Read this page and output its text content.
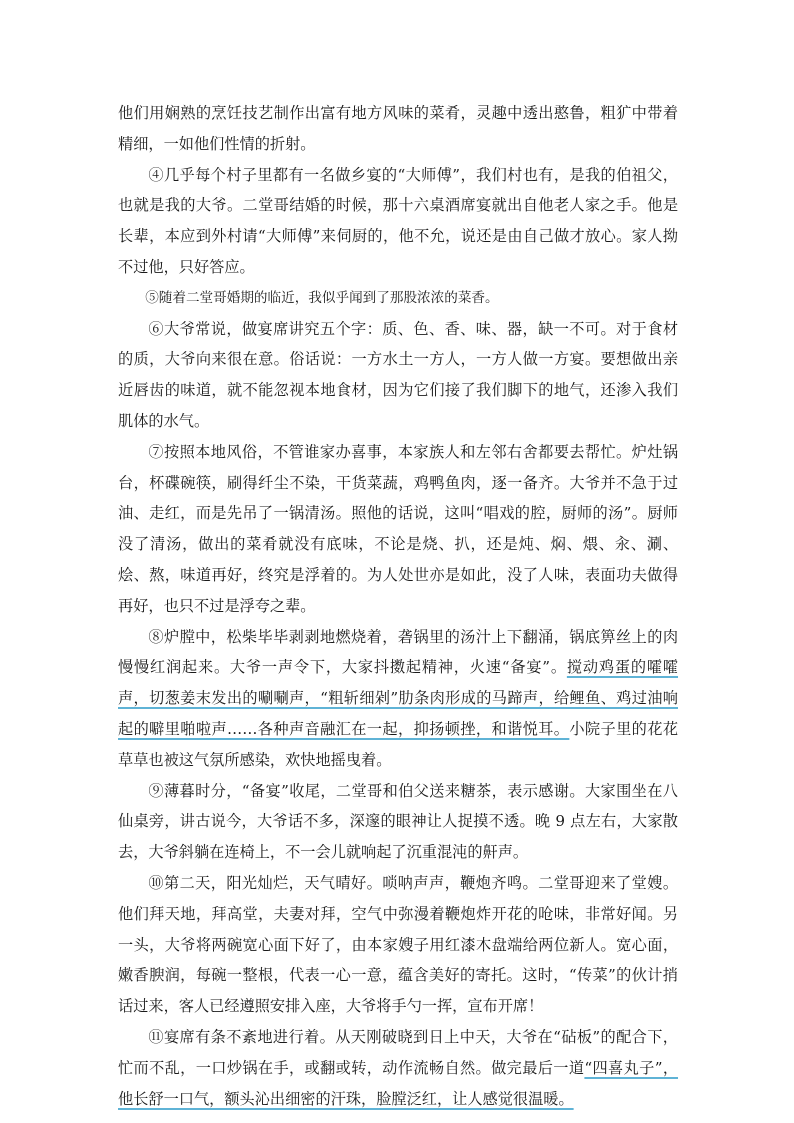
他们用娴熟的烹饪技艺制作出富有地方风味的菜肴，灵趣中透出憨鲁，粗犷中带着精细，一如他们性情的折射。

④几乎每个村子里都有一名做乡宴的“大师傅”，我们村也有，是我的伯祖父，也就是我的大爷。二堂哥结婚的时候，那十六桌酒席宴就出自他老人家之手。他是长辈，本应到外村请“大师傅”来伺厨的，他不允，说还是由自己做才放心。家人拗不过他，只好答应。

⑤随着二堂哥婚期的临近，我似乎闻到了那股浓浓的菜香。

⑥大爷常说，做宴席讲究五个字：质、色、香、味、器，缺一不可。对于食材的质，大爷向来很在意。俗话说：一方水土一方人，一方人做一方宴。要想做出亲近唇齿的味道，就不能忽视本地食材，因为它们接了我们脚下的地气，还渗入我们肌体的水气。

⑦按照本地风俗，不管谁家办喜事，本家族人和左邻右舍都要去帮忙。炉灶锅台，杯碟碗筷，刷得纤尘不染，干货菜蔬，鸡鸭鱼肉，逐一备齐。大爷并不急于过油、走红，而是先吊了一锅清汤。照他的话说，这叫“唱戏的腔，厨师的汤”。厨师没了清汤，做出的菜肴就没有底味，不论是烧、扒，还是炖、焖、煨、汆、涮、烩、熬，味道再好，终究是浮着的。为人处世亦是如此，没了人味，表面功夫做得再好，也只不过是浮夸之辈。

⑧炉膛中，松柴毕毕剥剥地燃烧着，砻锅里的汤汁上下翻涌，锅底箅丝上的肉慢慢红润起来。大爷一声令下，大家抖擞起精神，火速“备宴”。搅动鸡蛋的嚯嚯声，切葱姜末发出的唰唰声，“粗斩细剁”肋条肉形成的马蹄声，给鲤鱼、鸡过油响起的噼里啪啦声……各种声音融汇在一起，抑扬顿挫，和谐悦耳。小院子里的花花草草也被这气氛所感染，欢快地摇曳着。

⑨薄暮时分，“备宴”收尾，二堂哥和伯父送来糖茶，表示感谢。大家围坐在八仙桌旁，讲古说今，大爷话不多，深邃的眼神让人捉摸不透。晚 9 点左右，大家散去，大爷斜躺在连椅上，不一会儿就响起了沉重混沌的鼾声。

⑩第二天，阳光灿烂，天气晴好。唢呐声声，鞭炮齐鸣。二堂哥迎来了堂嫂。他们拜天地，拜高堂，夫妻对拜，空气中弥漫着鞭炮炸开花的呛味，非常好闻。另一头，大爷将两碗宽心面下好了，由本家嫂子用红漆木盘端给两位新人。宽心面，嫩香腴润，每碗一整根，代表一心一意，蕴含美好的寄托。这时，“传菜”的伙计捎话过来，客人已经遵照安排入座，大爷将手勺一挥，宣布开席！

⑪宴席有条不紊地进行着。从天刚破晓到日上中天，大爷在“砧板”的配合下，忙而不乱，一口炒锅在手，或翻或转，动作流畅自然。做完最后一道“四喜丸子”，他长舒一口气，额头沁出细密的汗珠，脸膛泛红，让人感觉很温暖。
